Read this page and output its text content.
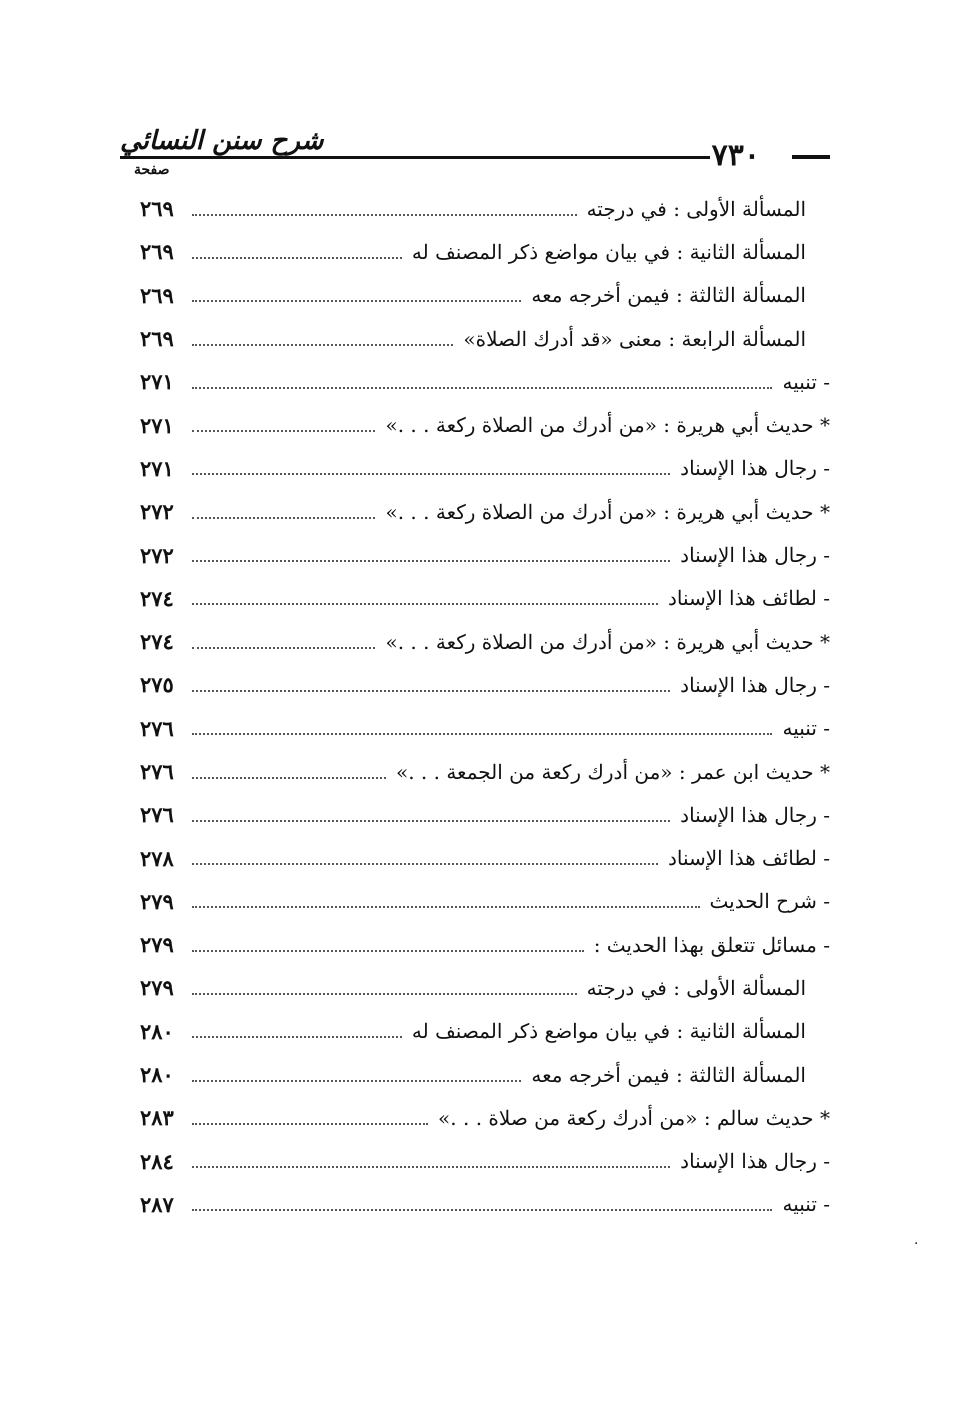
شرح سنن النسائي	٧٣٠
صفحة
٢٦٩	المسألة الأولى : في درجته
٢٦٩	المسألة الثانية : في بيان مواضع ذكر المصنف له
٢٦٩	المسألة الثالثة : فيمن أخرجه معه
٢٦٩	المسألة الرابعة : معنى «قد أدرك الصلاة»
٢٧١	- تنبيه
٢٧١	* حديث أبي هريرة : «من أدرك من الصلاة ركعة . . .»
٢٧١	- رجال هذا الإسناد
٢٧٢	* حديث أبي هريرة : «من أدرك من الصلاة ركعة . . .»
٢٧٢	- رجال هذا الإسناد
٢٧٤	- لطائف هذا الإسناد
٢٧٤	* حديث أبي هريرة : «من أدرك من الصلاة ركعة . . .»
٢٧٥	- رجال هذا الإسناد
٢٧٦	- تنبيه
٢٧٦	* حديث ابن عمر : «من أدرك ركعة من الجمعة . . .»
٢٧٦	- رجال هذا الإسناد
٢٧٨	- لطائف هذا الإسناد
٢٧٩	- شرح الحديث
٢٧٩	- مسائل تتعلق بهذا الحديث :
٢٧٩	المسألة الأولى : في درجته
٢٨٠	المسألة الثانية : في بيان مواضع ذكر المصنف له
٢٨٠	المسألة الثالثة : فيمن أخرجه معه
٢٨٣	* حديث سالم : «من أدرك ركعة من صلاة . . .»
٢٨٤	- رجال هذا الإسناد
٢٨٧	- تنبيه
·
